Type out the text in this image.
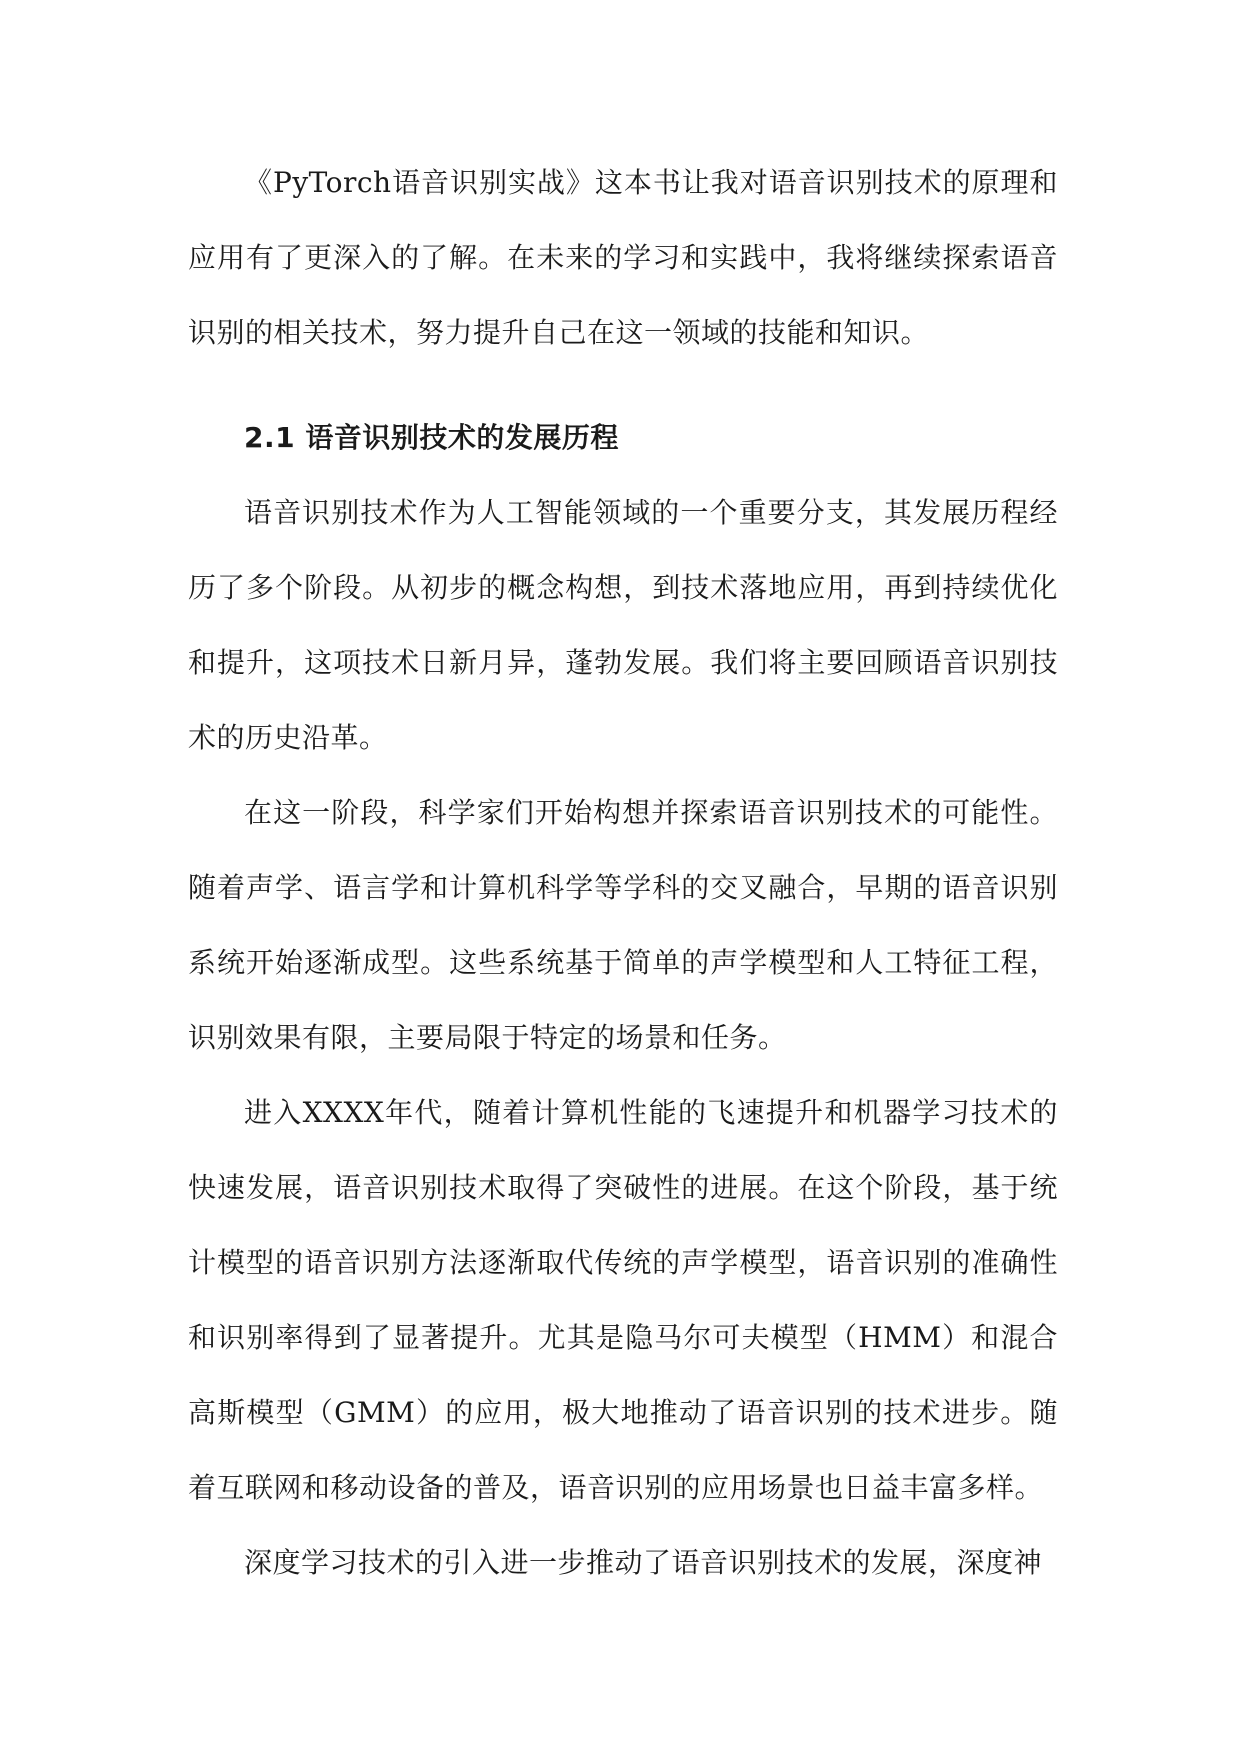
《PyTorch语音识别实战》这本书让我对语音识别技术的原理和应用有了更深入的了解。在未来的学习和实践中，我将继续探索语音识别的相关技术，努力提升自己在这一领域的技能和知识。

2.1 语音识别技术的发展历程

语音识别技术作为人工智能领域的一个重要分支，其发展历程经历了多个阶段。从初步的概念构想，到技术落地应用，再到持续优化和提升，这项技术日新月异，蓬勃发展。我们将主要回顾语音识别技术的历史沿革。

在这一阶段，科学家们开始构想并探索语音识别技术的可能性。随着声学、语言学和计算机科学等学科的交叉融合，早期的语音识别系统开始逐渐成型。这些系统基于简单的声学模型和人工特征工程，识别效果有限，主要局限于特定的场景和任务。

进入XXXX年代，随着计算机性能的飞速提升和机器学习技术的快速发展，语音识别技术取得了突破性的进展。在这个阶段，基于统计模型的语音识别方法逐渐取代传统的声学模型，语音识别的准确性和识别率得到了显著提升。尤其是隐马尔可夫模型（HMM）和混合高斯模型（GMM）的应用，极大地推动了语音识别的技术进步。随着互联网和移动设备的普及，语音识别的应用场景也日益丰富多样。

深度学习技术的引入进一步推动了语音识别技术的发展，深度神
